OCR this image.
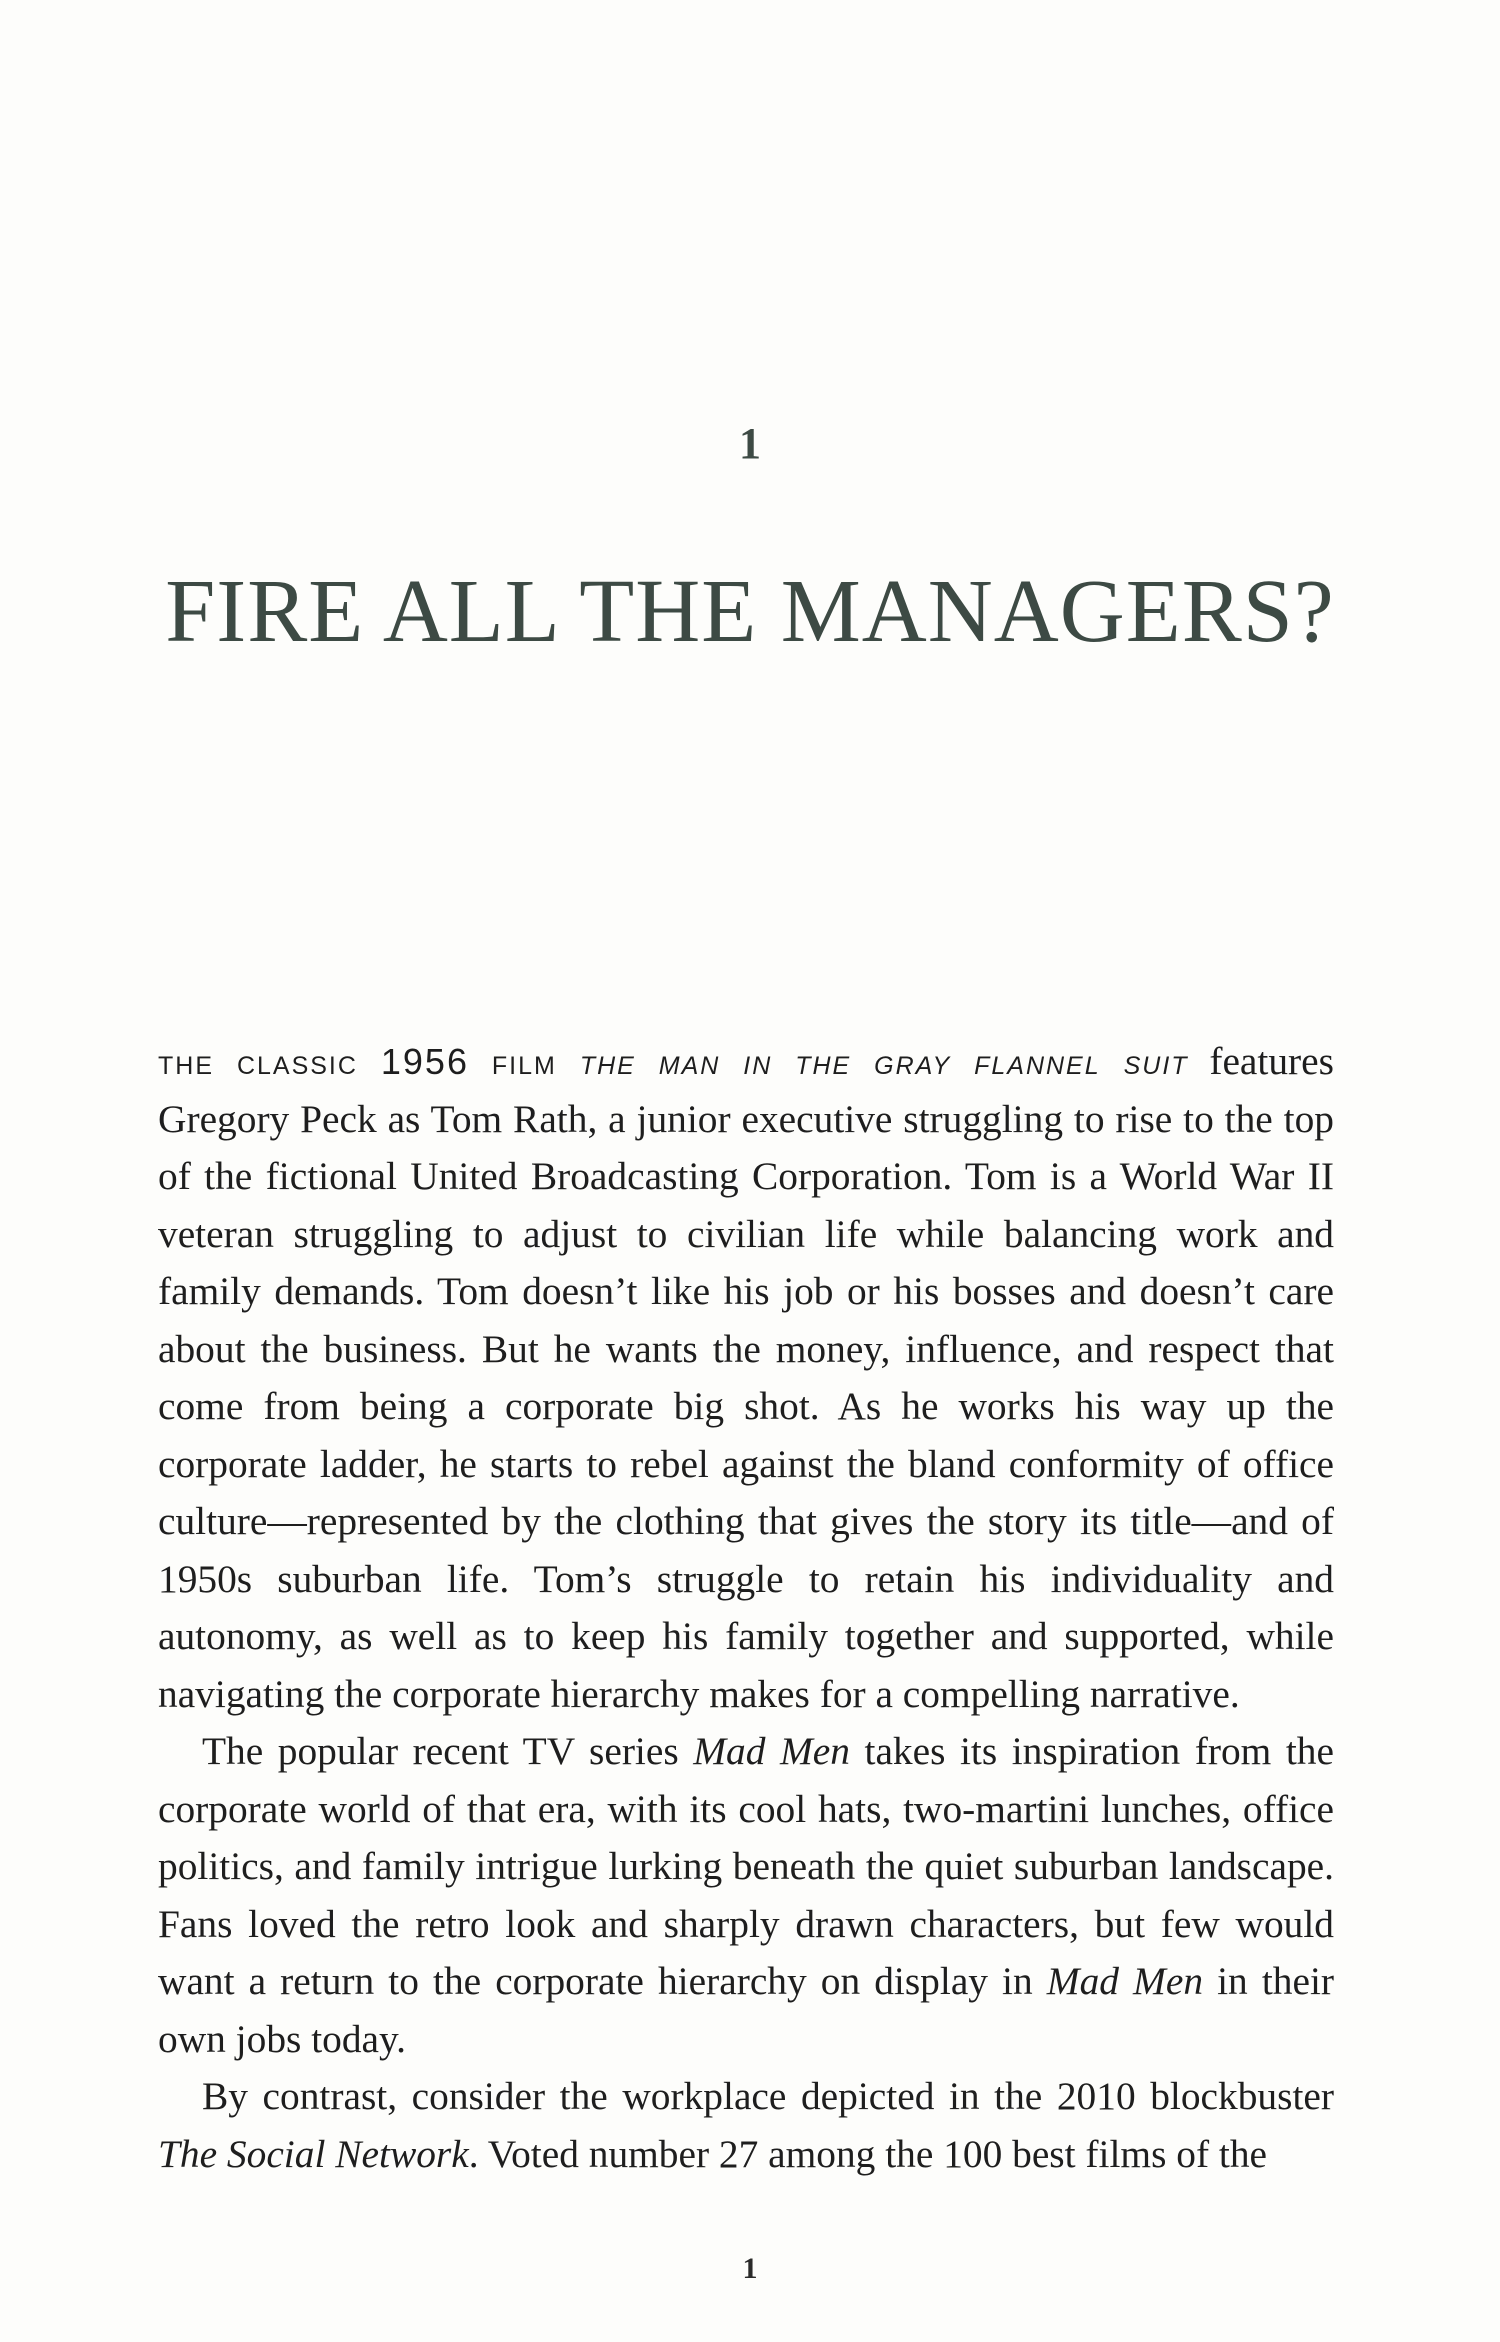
1
FIRE ALL THE MANAGERS?

the classic 1956 film the man in the gray flannel suit features Gregory Peck as Tom Rath, a junior executive struggling to rise to the top of the fictional United Broadcasting Corporation. Tom is a World War II veteran struggling to adjust to civilian life while balancing work and family demands. Tom doesn’t like his job or his bosses and doesn’t care about the business. But he wants the money, influence, and respect that come from being a corporate big shot. As he works his way up the corporate ladder, he starts to rebel against the bland conformity of office culture—represented by the clothing that gives the story its title—and of 1950s suburban life. Tom’s struggle to retain his individuality and autonomy, as well as to keep his family together and supported, while navigating the corporate hierarchy makes for a compelling narrative.

The popular recent TV series Mad Men takes its inspiration from the corporate world of that era, with its cool hats, two-martini lunches, office politics, and family intrigue lurking beneath the quiet suburban landscape. Fans loved the retro look and sharply drawn characters, but few would want a return to the corporate hierarchy on display in Mad Men in their own jobs today.

By contrast, consider the workplace depicted in the 2010 blockbuster The Social Network. Voted number 27 among the 100 best films of the

1
